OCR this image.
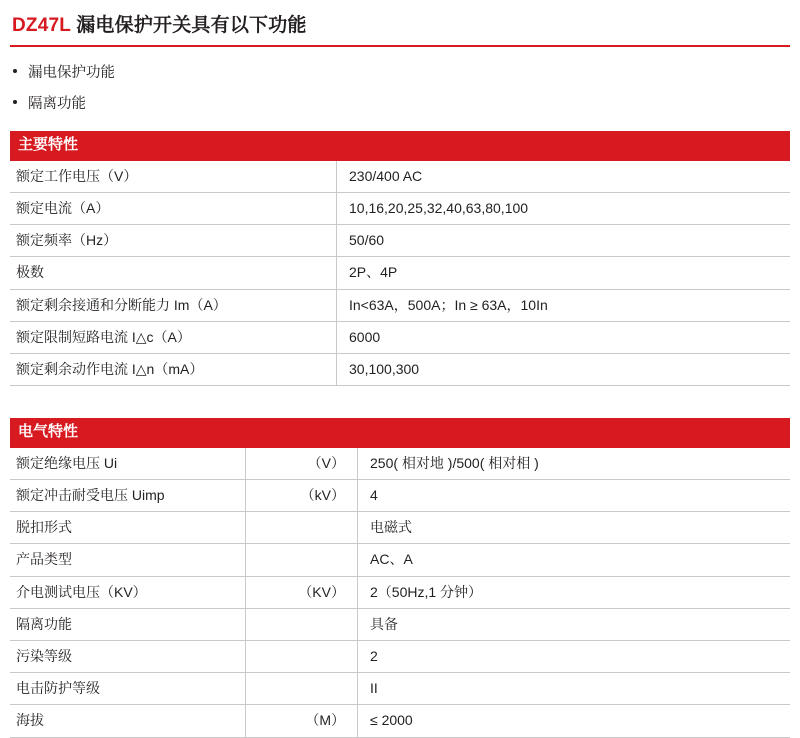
DZ47L 漏电保护开关具有以下功能
漏电保护功能
隔离功能
主要特性
额定工作电压（V）	230/400 AC
额定电流（A）	10,16,20,25,32,40,63,80,100
额定频率（Hz）	50/60
极数	2P、4P
额定剩余接通和分断能力 Im（A）	In<63A，500A；In ≥ 63A，10In
额定限制短路电流 I△c（A）	6000
额定剩余动作电流 I△n（mA）	30,100,300
电气特性
额定绝缘电压 Ui	（V）	250( 相对地 )/500( 相对相 )
额定冲击耐受电压 Uimp	（kV）	4
脱扣形式		电磁式
产品类型		AC、A
介电测试电压（KV）	（KV）	2（50Hz,1 分钟）
隔离功能		具备
污染等级		2
电击防护等级		II
海拔	（M）	≤ 2000
